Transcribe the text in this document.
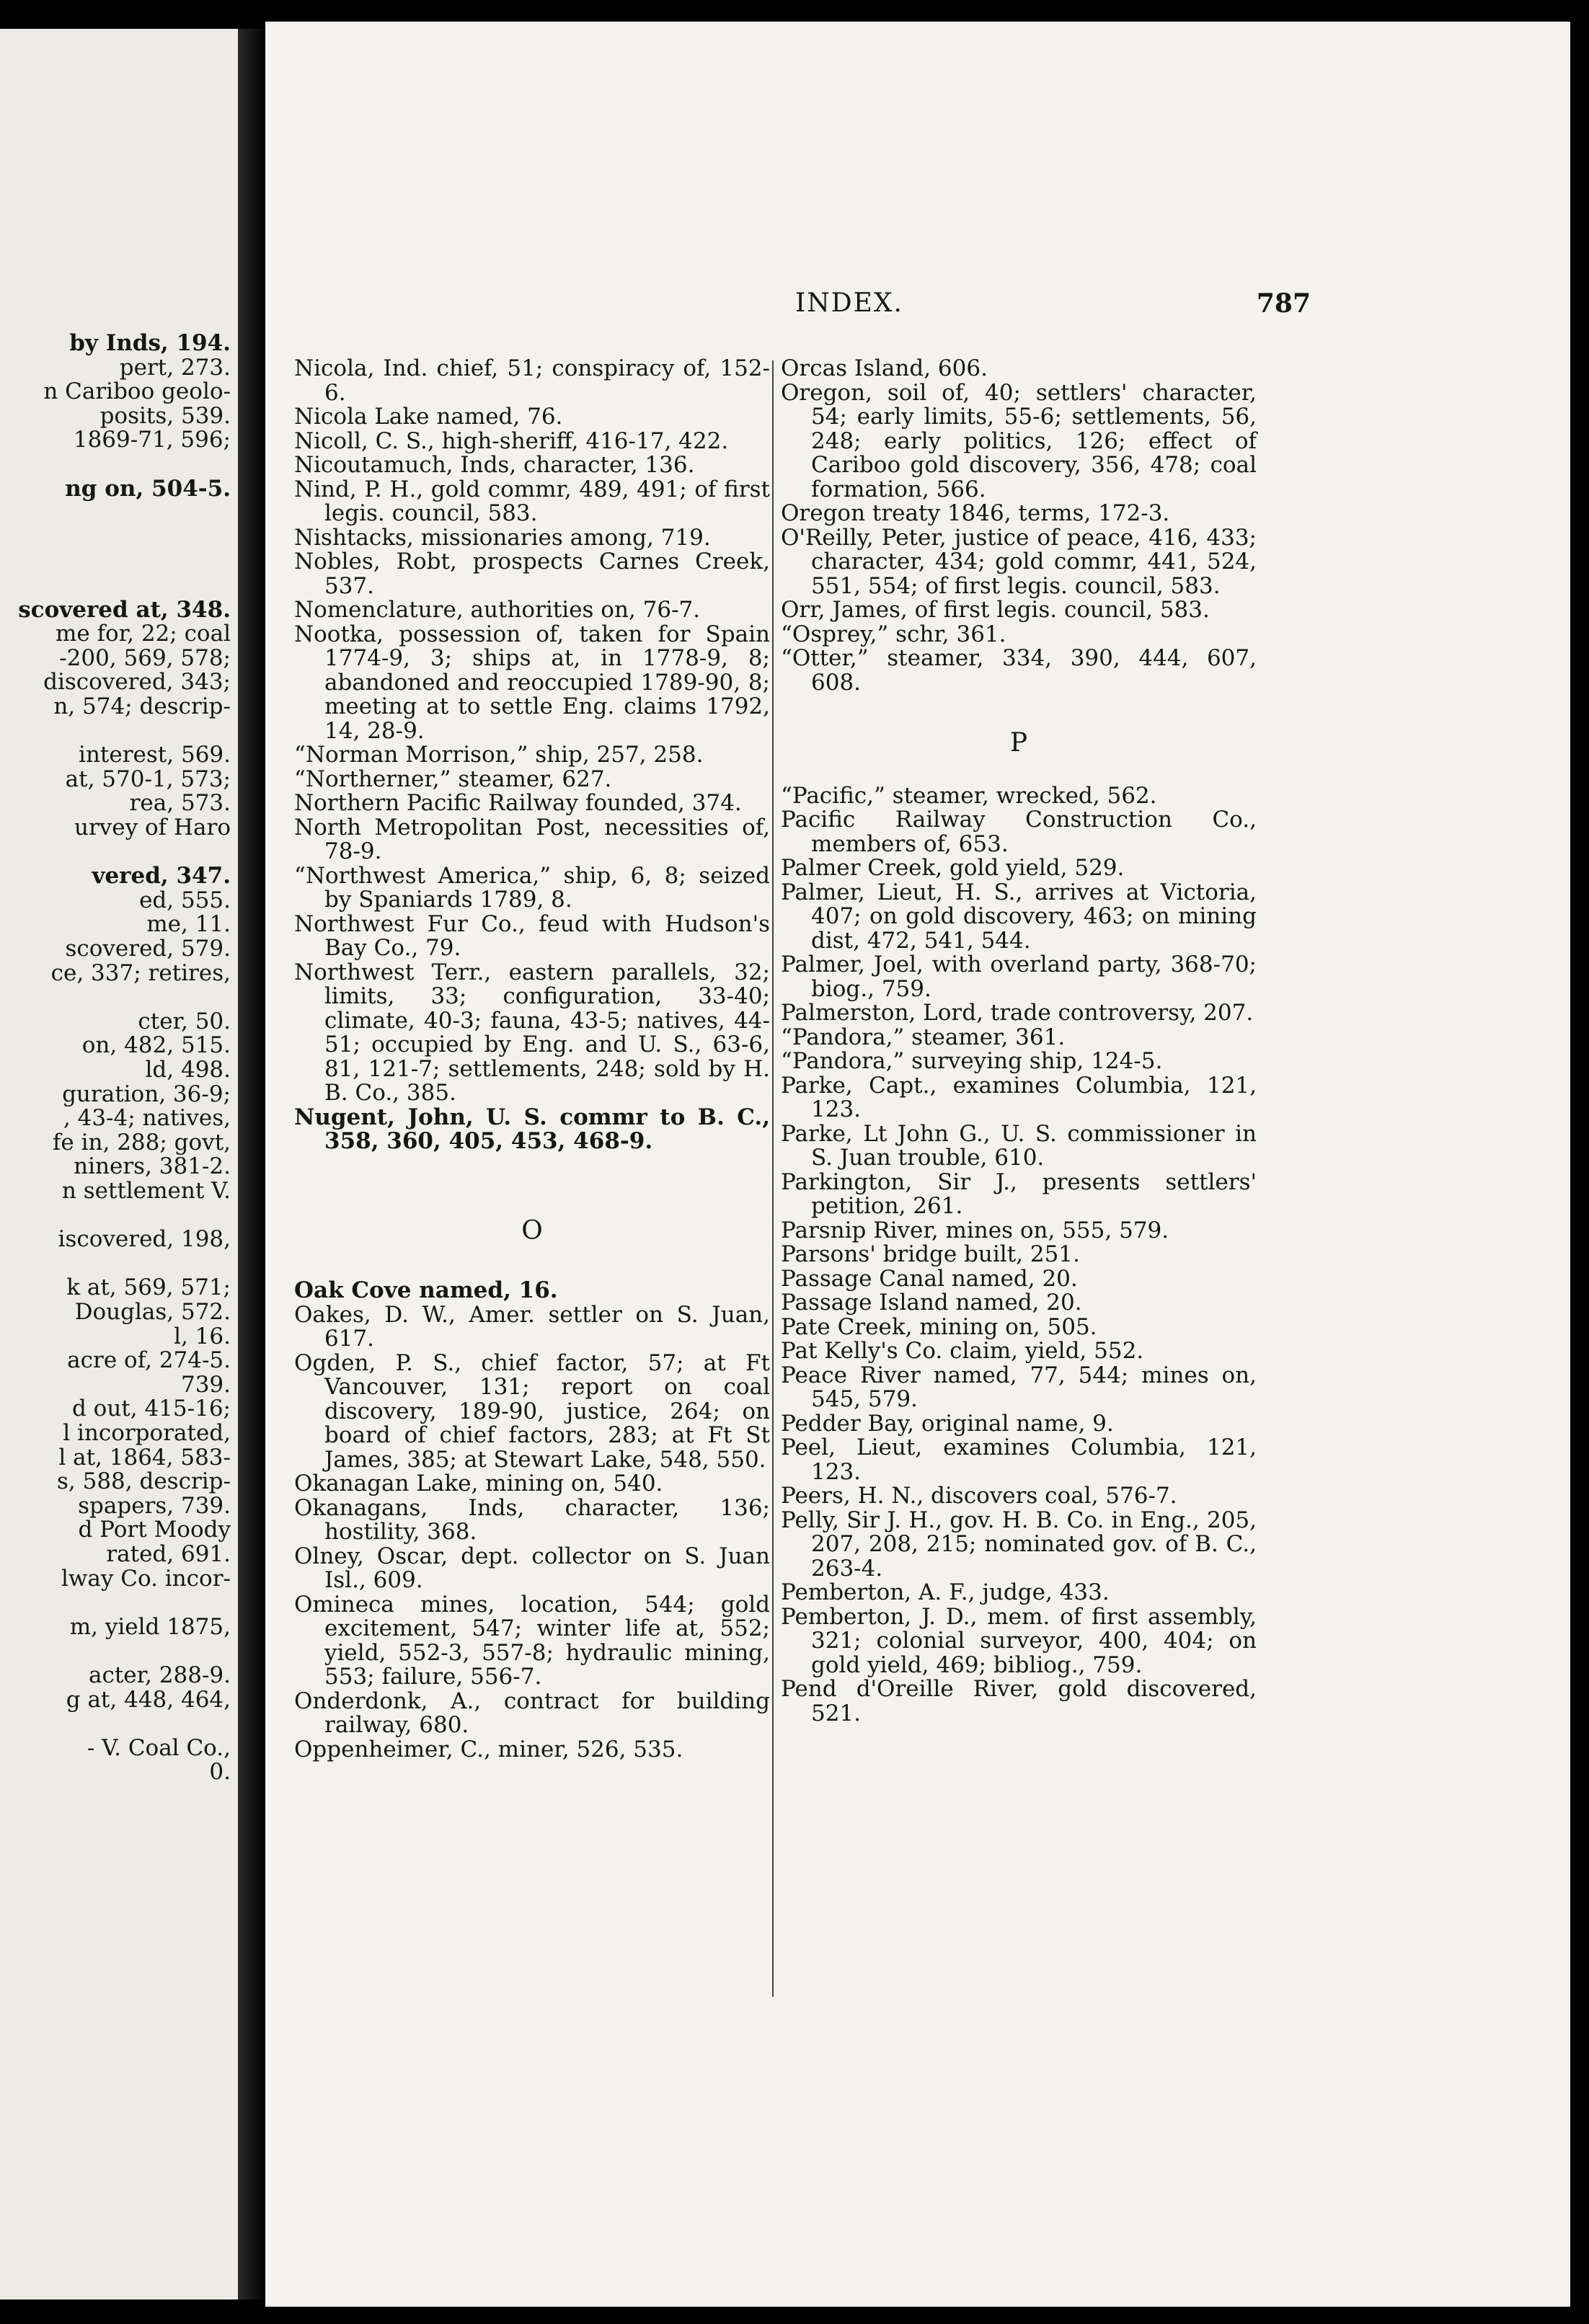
by Inds, 194.
pert, 273.
n Cariboo geolo-
posits, 539.
1869-71, 596;
ng on, 504-5.
scovered at, 348.
me for, 22; coal
-200, 569, 578;
discovered, 343;
n, 574; descrip-
interest, 569.
at, 570-1, 573;
rea, 573.
urvey of Haro
vered, 347.
ed, 555.
me, 11.
scovered, 579.
ce, 337; retires,
cter, 50.
on, 482, 515.
ld, 498.
guration, 36-9;
, 43-4; natives,
fe in, 288; govt,
niners, 381-2.
n settlement V.
iscovered, 198,
k at, 569, 571;
Douglas, 572.
l, 16.
acre of, 274-5.
739.
d out, 415-16;
l incorporated,
l at, 1864, 583-
s, 588, descrip-
spapers, 739.
d Port Moody
rated, 691.
lway Co. incor-
m, yield 1875,
acter, 288-9.
g at, 448, 464,
- V. Coal Co.,
0.
INDEX.	787
Nicola, Ind. chief, 51; conspiracy of, 152-6.
Nicola Lake named, 76.
Nicoll, C. S., high-sheriff, 416-17, 422.
Nicoutamuch, Inds, character, 136.
Nind, P. H., gold commr, 489, 491; of first legis. council, 583.
Nishtacks, missionaries among, 719.
Nobles, Robt, prospects Carnes Creek, 537.
Nomenclature, authorities on, 76-7.
Nootka, possession of, taken for Spain 1774-9, 3; ships at, in 1778-9, 8; abandoned and reoccupied 1789-90, 8; meeting at to settle Eng. claims 1792, 14, 28-9.
“Norman Morrison,” ship, 257, 258.
“Northerner,” steamer, 627.
Northern Pacific Railway founded, 374.
North Metropolitan Post, necessities of, 78-9.
“Northwest America,” ship, 6, 8; seized by Spaniards 1789, 8.
Northwest Fur Co., feud with Hudson's Bay Co., 79.
Northwest Terr., eastern parallels, 32; limits, 33; configuration, 33-40; climate, 40-3; fauna, 43-5; natives, 44-51; occupied by Eng. and U. S., 63-6, 81, 121-7; settlements, 248; sold by H. B. Co., 385.
Nugent, John, U. S. commr to B. C., 358, 360, 405, 453, 468-9.
O
Oak Cove named, 16.
Oakes, D. W., Amer. settler on S. Juan, 617.
Ogden, P. S., chief factor, 57; at Ft Vancouver, 131; report on coal discovery, 189-90, justice, 264; on board of chief factors, 283; at Ft St James, 385; at Stewart Lake, 548, 550.
Okanagan Lake, mining on, 540.
Okanagans, Inds, character, 136; hostility, 368.
Olney, Oscar, dept. collector on S. Juan Isl., 609.
Omineca mines, location, 544; gold excitement, 547; winter life at, 552; yield, 552-3, 557-8; hydraulic mining, 553; failure, 556-7.
Onderdonk, A., contract for building railway, 680.
Oppenheimer, C., miner, 526, 535.
Orcas Island, 606.
Oregon, soil of, 40; settlers' character, 54; early limits, 55-6; settlements, 56, 248; early politics, 126; effect of Cariboo gold discovery, 356, 478; coal formation, 566.
Oregon treaty 1846, terms, 172-3.
O'Reilly, Peter, justice of peace, 416, 433; character, 434; gold commr, 441, 524, 551, 554; of first legis. council, 583.
Orr, James, of first legis. council, 583.
“Osprey,” schr, 361.
“Otter,” steamer, 334, 390, 444, 607, 608.
P
“Pacific,” steamer, wrecked, 562.
Pacific Railway Construction Co., members of, 653.
Palmer Creek, gold yield, 529.
Palmer, Lieut, H. S., arrives at Victoria, 407; on gold discovery, 463; on mining dist, 472, 541, 544.
Palmer, Joel, with overland party, 368-70; biog., 759.
Palmerston, Lord, trade controversy, 207.
“Pandora,” steamer, 361.
“Pandora,” surveying ship, 124-5.
Parke, Capt., examines Columbia, 121, 123.
Parke, Lt John G., U. S. commissioner in S. Juan trouble, 610.
Parkington, Sir J., presents settlers' petition, 261.
Parsnip River, mines on, 555, 579.
Parsons' bridge built, 251.
Passage Canal named, 20.
Passage Island named, 20.
Pate Creek, mining on, 505.
Pat Kelly's Co. claim, yield, 552.
Peace River named, 77, 544; mines on, 545, 579.
Pedder Bay, original name, 9.
Peel, Lieut, examines Columbia, 121, 123.
Peers, H. N., discovers coal, 576-7.
Pelly, Sir J. H., gov. H. B. Co. in Eng., 205, 207, 208, 215; nominated gov. of B. C., 263-4.
Pemberton, A. F., judge, 433.
Pemberton, J. D., mem. of first assembly, 321; colonial surveyor, 400, 404; on gold yield, 469; bibliog., 759.
Pend d'Oreille River, gold discovered, 521.
